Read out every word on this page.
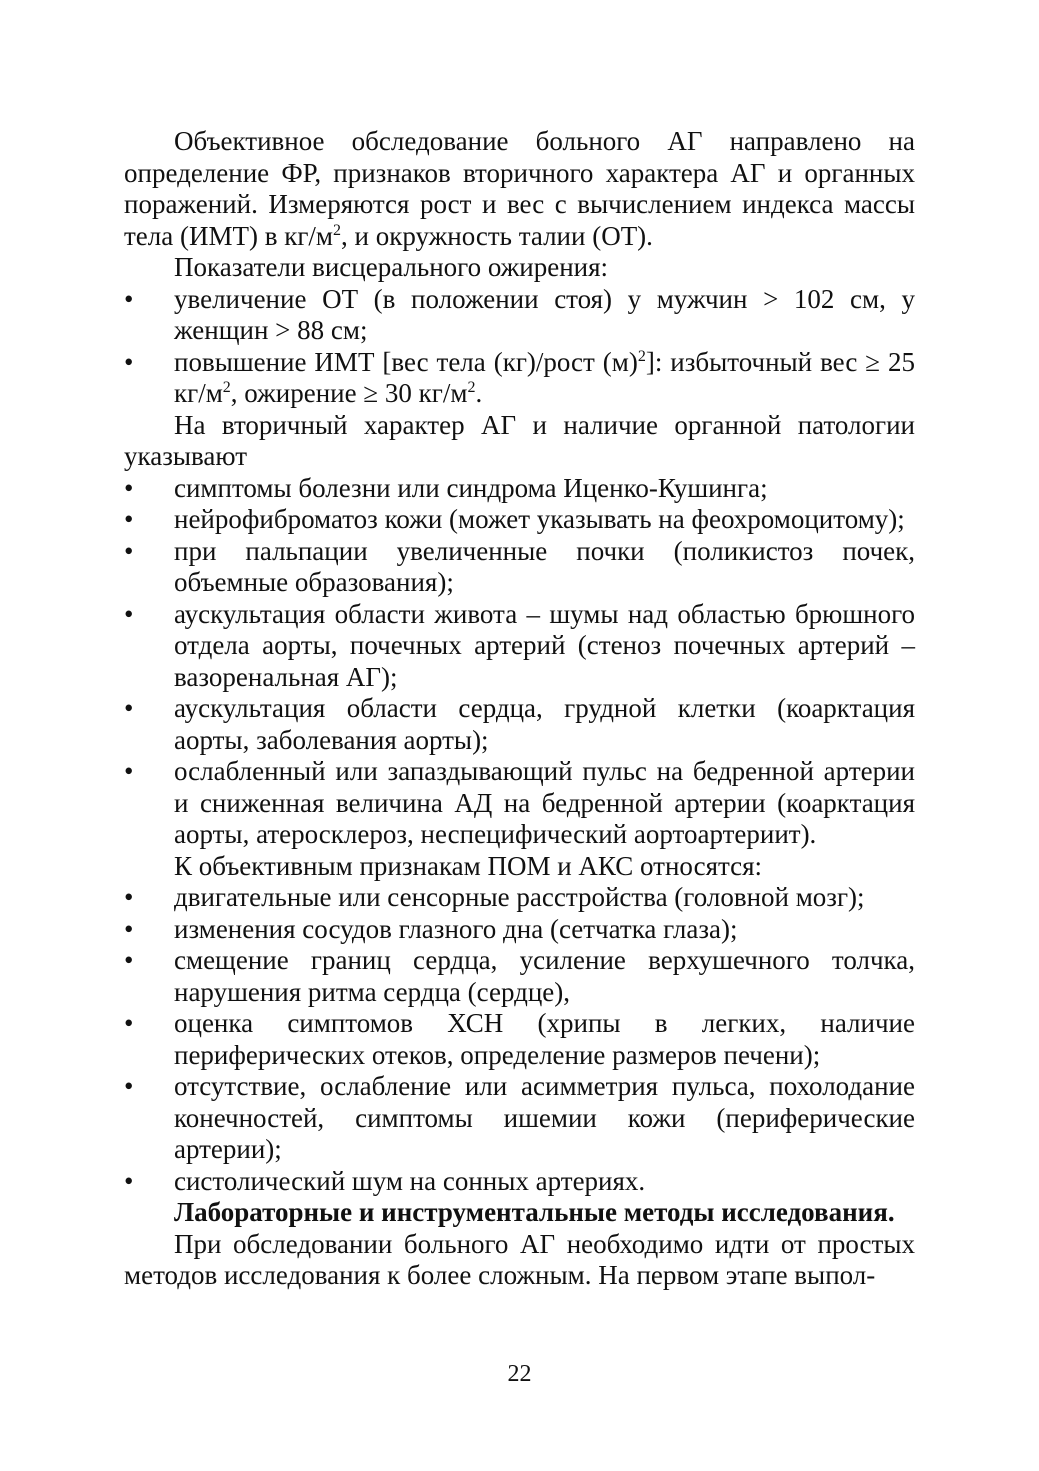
Объективное обследование больного АГ направлено на определение ФР, признаков вторичного характера АГ и органных поражений. Измеряются рост и вес с вычислением индекса массы тела (ИМТ) в $кг/м^2$, и окружность талии (ОТ).

Показатели висцерального ожирения:

• увеличение ОТ (в положении стоя) у мужчин > 102 см, у женщин > 88 см;
• повышение ИМТ [вес тела (кг)/рост $(м)^2$]: избыточный вес ≥ 25 $кг/м^2$, ожирение ≥ 30 $кг/м^2$.

На вторичный характер АГ и наличие органной патологии указывают

• симптомы болезни или синдрома Иценко-Кушинга;
• нейрофиброматоз кожи (может указывать на феохромоцитому);
• при пальпации увеличенные почки (поликистоз почек, объемные образования);
• аускультация области живота – шумы над областью брюшного отдела аорты, почечных артерий (стеноз почечных артерий – вазоренальная АГ);
• аускультация области сердца, грудной клетки (коарктация аорты, заболевания аорты);
• ослабленный или запаздывающий пульс на бедренной артерии и сниженная величина АД на бедренной артерии (коарктация аорты, атеросклероз, неспецифический аортоартериит).

К объективным признакам ПОМ и АКС относятся:

• двигательные или сенсорные расстройства (головной мозг);
• изменения сосудов глазного дна (сетчатка глаза);
• смещение границ сердца, усиление верхушечного толчка, нарушения ритма сердца (сердце),
• оценка симптомов ХСН (хрипы в легких, наличие периферических отеков, определение размеров печени);
• отсутствие, ослабление или асимметрия пульса, похолодание конечностей, симптомы ишемии кожи (периферические артерии);
• систолический шум на сонных артериях.

Лабораторные и инструментальные методы исследования.

При обследовании больного АГ необходимо идти от простых методов исследования к более сложным. На первом этапе выпол-

22
